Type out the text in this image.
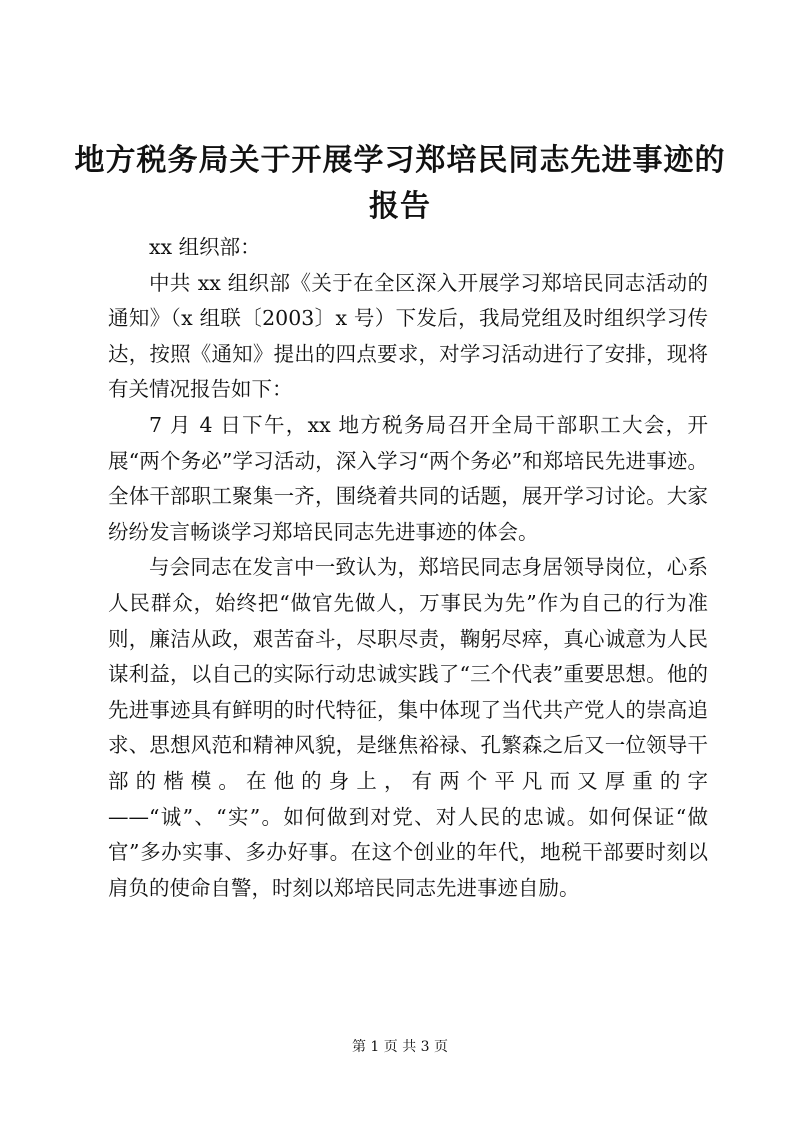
地方税务局关于开展学习郑培民同志先进事迹的报告

xx 组织部：

中共 xx 组织部《关于在全区深入开展学习郑培民同志活动的通知》（x 组联〔2003〕x 号）下发后，我局党组及时组织学习传达，按照《通知》提出的四点要求，对学习活动进行了安排，现将有关情况报告如下：

7 月 4 日下午，xx 地方税务局召开全局干部职工大会，开展“两个务必”学习活动，深入学习“两个务必”和郑培民先进事迹。全体干部职工聚集一齐，围绕着共同的话题，展开学习讨论。大家纷纷发言畅谈学习郑培民同志先进事迹的体会。

与会同志在发言中一致认为，郑培民同志身居领导岗位，心系人民群众，始终把“做官先做人，万事民为先”作为自己的行为准则，廉洁从政，艰苦奋斗，尽职尽责，鞠躬尽瘁，真心诚意为人民谋利益，以自己的实际行动忠诚实践了“三个代表”重要思想。他的先进事迹具有鲜明的时代特征，集中体现了当代共产党人的崇高追求、思想风范和精神风貌，是继焦裕禄、孔繁森之后又一位领导干部的楷模。在他的身上，有两个平凡而又厚重的字——“诚”、“实”。如何做到对党、对人民的忠诚。如何保证“做官”多办实事、多办好事。在这个创业的年代，地税干部要时刻以肩负的使命自警，时刻以郑培民同志先进事迹自励。

第 1 页 共 3 页
